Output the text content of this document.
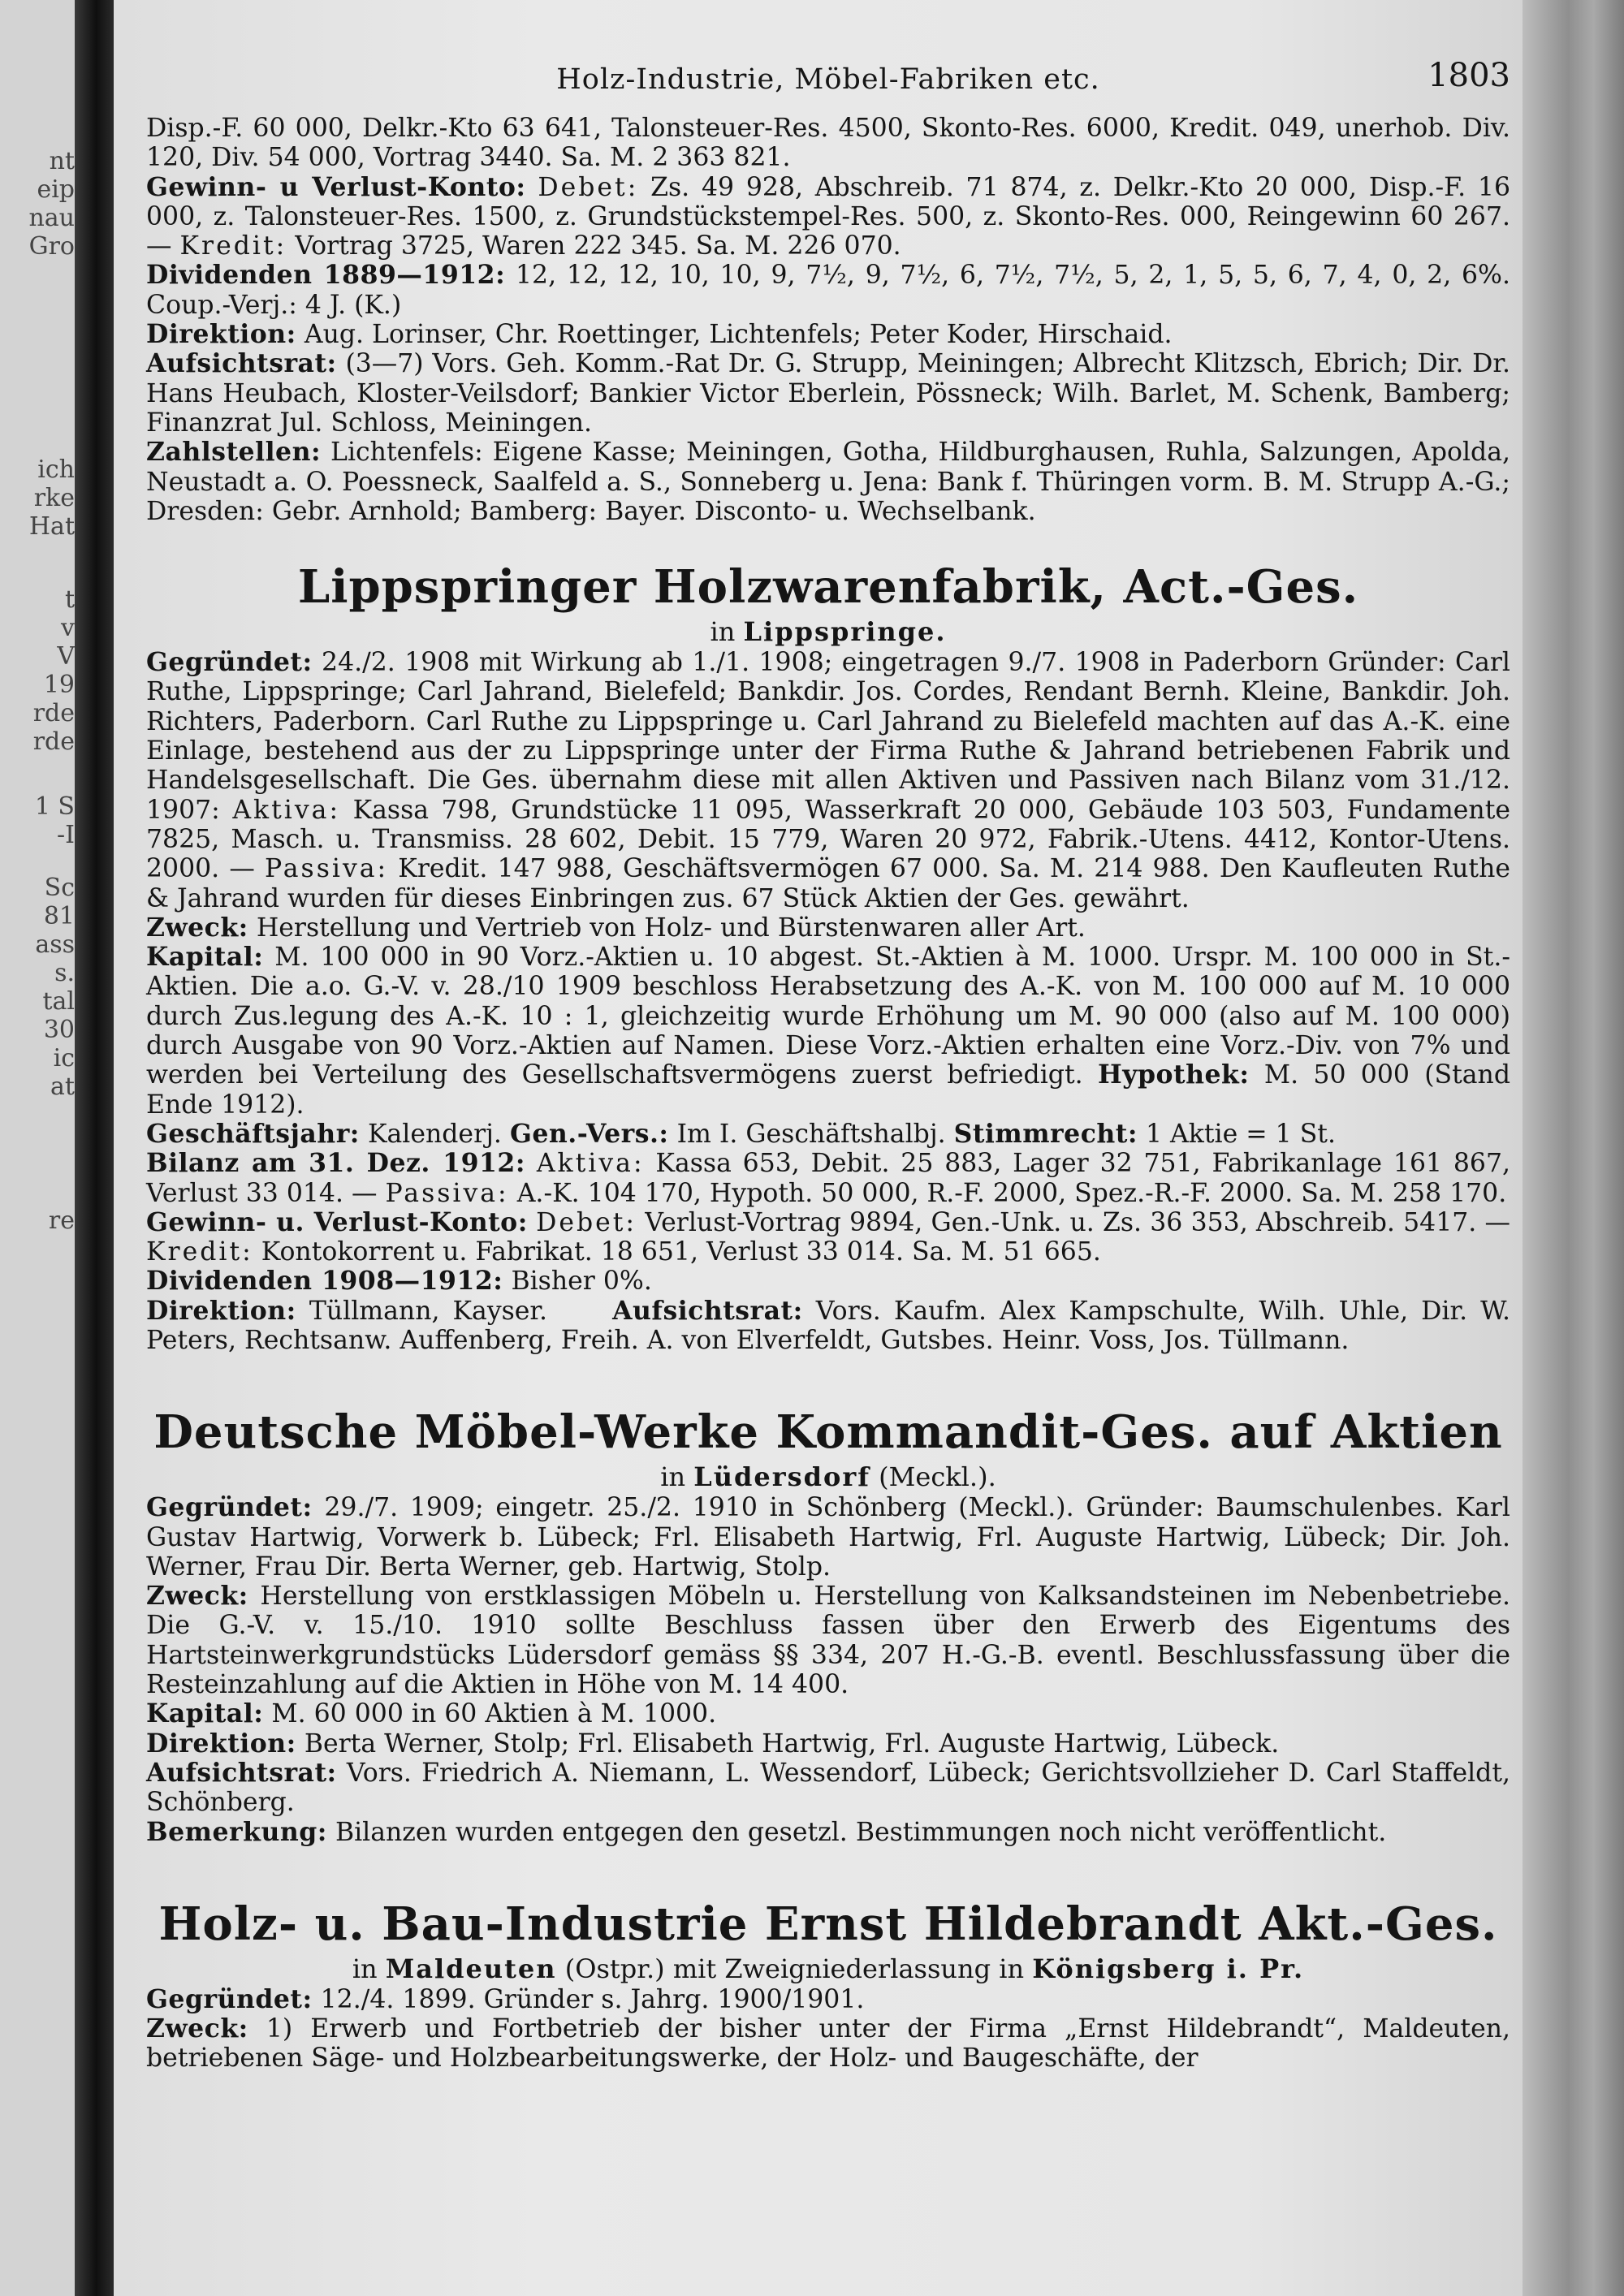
nt
eip
nau
Gro
ich
rke
Hat
t
v
V
19
rde
rde
1 S
-I
Sc
81
ass
s.
tal
30
ic
at
re
Holz-Industrie, Möbel-Fabriken etc.	1803

Disp.-F. 60 000, Delkr.-Kto 63 641, Talonsteuer-Res. 4500, Skonto-Res. 6000, Kredit. 049, unerhob. Div. 120, Div. 54 000, Vortrag 3440. Sa. M. 2 363 821.

Gewinn- u Verlust-Konto: Debet: Zs. 49 928, Abschreib. 71 874, z. Delkr.-Kto 20 000, Disp.-F. 16 000, z. Talonsteuer-Res. 1500, z. Grundstückstempel-Res. 500, z. Skonto-Res. 000, Reingewinn 60 267. — Kredit: Vortrag 3725, Waren 222 345. Sa. M. 226 070.

Dividenden 1889—1912: 12, 12, 12, 10, 10, 9, 7½, 9, 7½, 6, 7½, 7½, 5, 2, 1, 5, 5, 6, 7, 4, 0, 2, 6%. Coup.-Verj.: 4 J. (K.)

Direktion: Aug. Lorinser, Chr. Roettinger, Lichtenfels; Peter Koder, Hirschaid.

Aufsichtsrat: (3—7) Vors. Geh. Komm.-Rat Dr. G. Strupp, Meiningen; Albrecht Klitzsch, Ebrich; Dir. Dr. Hans Heubach, Kloster-Veilsdorf; Bankier Victor Eberlein, Pössneck; Wilh. Barlet, M. Schenk, Bamberg; Finanzrat Jul. Schloss, Meiningen.

Zahlstellen: Lichtenfels: Eigene Kasse; Meiningen, Gotha, Hildburghausen, Ruhla, Salzungen, Apolda, Neustadt a. O. Poessneck, Saalfeld a. S., Sonneberg u. Jena: Bank f. Thüringen vorm. B. M. Strupp A.-G.; Dresden: Gebr. Arnhold; Bamberg: Bayer. Disconto- u. Wechselbank.

Lippspringer Holzwarenfabrik, Act.-Ges.
in Lippspringe.

Gegründet: 24./2. 1908 mit Wirkung ab 1./1. 1908; eingetragen 9./7. 1908 in Paderborn Gründer: Carl Ruthe, Lippspringe; Carl Jahrand, Bielefeld; Bankdir. Jos. Cordes, Rendant Bernh. Kleine, Bankdir. Joh. Richters, Paderborn. Carl Ruthe zu Lippspringe u. Carl Jahrand zu Bielefeld machten auf das A.-K. eine Einlage, bestehend aus der zu Lippspringe unter der Firma Ruthe & Jahrand betriebenen Fabrik und Handelsgesellschaft. Die Ges. übernahm diese mit allen Aktiven und Passiven nach Bilanz vom 31./12. 1907: Aktiva: Kassa 798, Grundstücke 11 095, Wasserkraft 20 000, Gebäude 103 503, Fundamente 7825, Masch. u. Transmiss. 28 602, Debit. 15 779, Waren 20 972, Fabrik.-Utens. 4412, Kontor-Utens. 2000. — Passiva: Kredit. 147 988, Geschäftsvermögen 67 000. Sa. M. 214 988. Den Kaufleuten Ruthe & Jahrand wurden für dieses Einbringen zus. 67 Stück Aktien der Ges. gewährt.

Zweck: Herstellung und Vertrieb von Holz- und Bürstenwaren aller Art.

Kapital: M. 100 000 in 90 Vorz.-Aktien u. 10 abgest. St.-Aktien à M. 1000. Urspr. M. 100 000 in St.-Aktien. Die a.o. G.-V. v. 28./10 1909 beschloss Herabsetzung des A.-K. von M. 100 000 auf M. 10 000 durch Zus.legung des A.-K. 10 : 1, gleichzeitig wurde Erhöhung um M. 90 000 (also auf M. 100 000) durch Ausgabe von 90 Vorz.-Aktien auf Namen. Diese Vorz.-Aktien erhalten eine Vorz.-Div. von 7% und werden bei Verteilung des Gesellschaftsvermögens zuerst befriedigt. Hypothek: M. 50 000 (Stand Ende 1912).

Geschäftsjahr: Kalenderj. Gen.-Vers.: Im I. Geschäftshalbj. Stimmrecht: 1 Aktie = 1 St.

Bilanz am 31. Dez. 1912: Aktiva: Kassa 653, Debit. 25 883, Lager 32 751, Fabrikanlage 161 867, Verlust 33 014. — Passiva: A.-K. 104 170, Hypoth. 50 000, R.-F. 2000, Spez.-R.-F. 2000. Sa. M. 258 170.

Gewinn- u. Verlust-Konto: Debet: Verlust-Vortrag 9894, Gen.-Unk. u. Zs. 36 353, Abschreib. 5417. — Kredit: Kontokorrent u. Fabrikat. 18 651, Verlust 33 014. Sa. M. 51 665.

Dividenden 1908—1912: Bisher 0%.

Direktion: Tüllmann, Kayser.	Aufsichtsrat: Vors. Kaufm. Alex Kampschulte, Wilh. Uhle, Dir. W. Peters, Rechtsanw. Auffenberg, Freih. A. von Elverfeldt, Gutsbes. Heinr. Voss, Jos. Tüllmann.

Deutsche Möbel-Werke Kommandit-Ges. auf Aktien
in Lüdersdorf (Meckl.).

Gegründet: 29./7. 1909; eingetr. 25./2. 1910 in Schönberg (Meckl.). Gründer: Baumschulenbes. Karl Gustav Hartwig, Vorwerk b. Lübeck; Frl. Elisabeth Hartwig, Frl. Auguste Hartwig, Lübeck; Dir. Joh. Werner, Frau Dir. Berta Werner, geb. Hartwig, Stolp.

Zweck: Herstellung von erstklassigen Möbeln u. Herstellung von Kalksandsteinen im Nebenbetriebe. Die G.-V. v. 15./10. 1910 sollte Beschluss fassen über den Erwerb des Eigentums des Hartsteinwerkgrundstücks Lüdersdorf gemäss §§ 334, 207 H.-G.-B. eventl. Beschlussfassung über die Resteinzahlung auf die Aktien in Höhe von M. 14 400.

Kapital: M. 60 000 in 60 Aktien à M. 1000.

Direktion: Berta Werner, Stolp; Frl. Elisabeth Hartwig, Frl. Auguste Hartwig, Lübeck.

Aufsichtsrat: Vors. Friedrich A. Niemann, L. Wessendorf, Lübeck; Gerichtsvollzieher D. Carl Staffeldt, Schönberg.

Bemerkung: Bilanzen wurden entgegen den gesetzl. Bestimmungen noch nicht veröffentlicht.

Holz- u. Bau-Industrie Ernst Hildebrandt Akt.-Ges.
in Maldeuten (Ostpr.) mit Zweigniederlassung in Königsberg i. Pr.

Gegründet: 12./4. 1899. Gründer s. Jahrg. 1900/1901.

Zweck: 1) Erwerb und Fortbetrieb der bisher unter der Firma „Ernst Hildebrandt“, Maldeuten, betriebenen Säge- und Holzbearbeitungswerke, der Holz- und Baugeschäfte, der
